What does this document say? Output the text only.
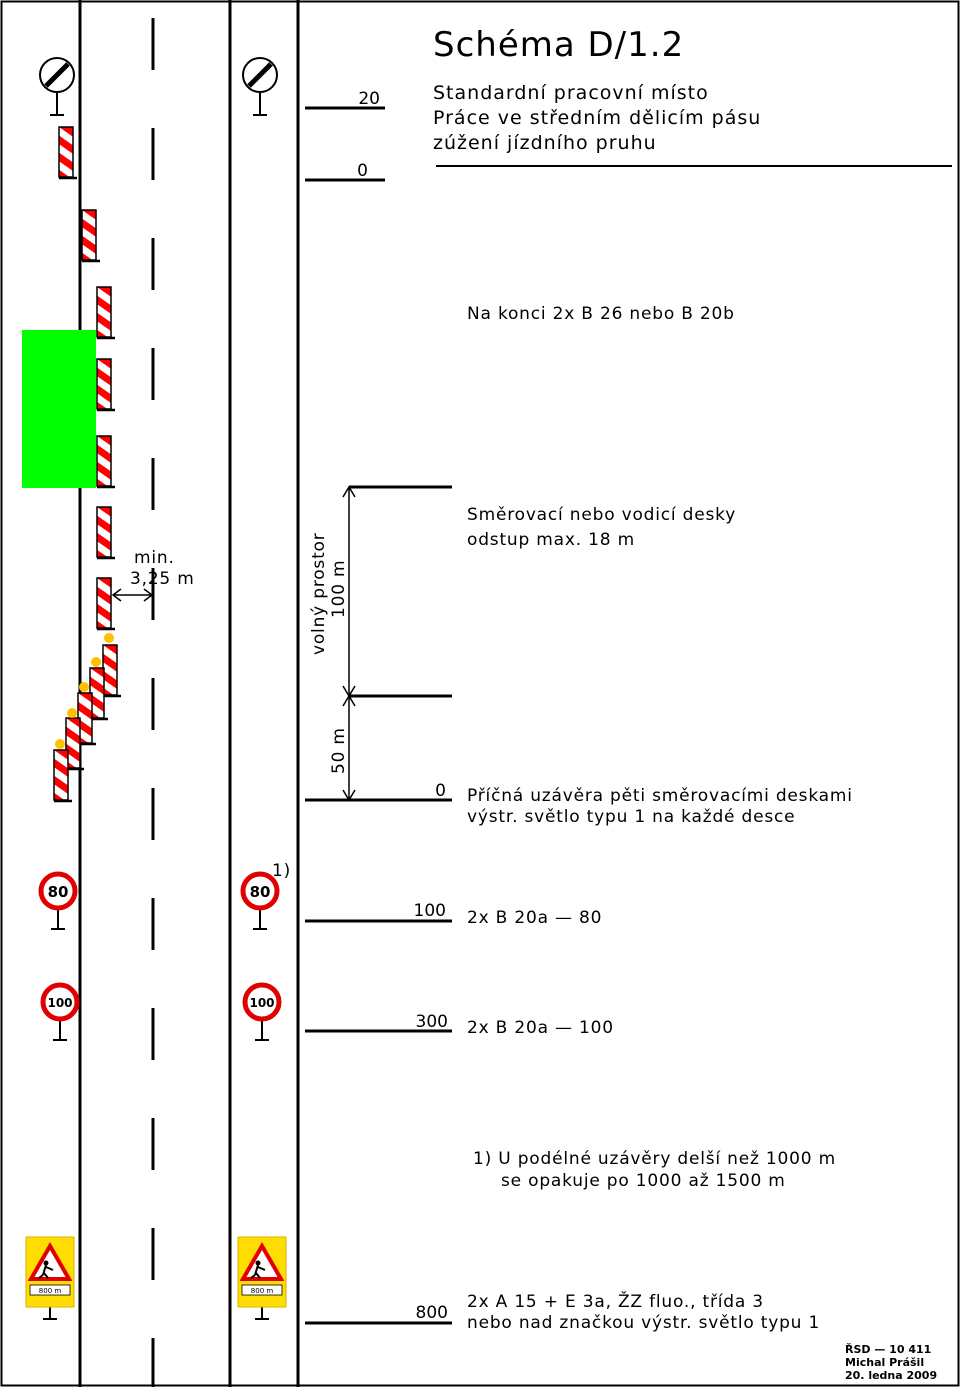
Schéma D/1.2
Standardní pracovní místo
Práce ve středním dělicím pásu
zúžení jízdního pruhu
20
0
min.
3,25 m
0
volný prostor 100 m
50 m
Na konci 2x B 26 nebo B 20b
Směrovací nebo vodicí desky
odstup max. 18 m
Příčná uzávěra pěti směrovacími deskami
výstr. světlo typu 1 na každé desce
80	80
1)
100 2x B 20a — 80
100	100
300 2x B 20a — 100
1) U podélné uzávěry delší než 1000 m
se opakuje po 1000 až 1500 m
800 m	800 m
800
2x A 15 + E 3a, ŽZ fluo., třída 3
nebo nad značkou výstr. světlo typu 1
ŘSD — 10 411
Michal Prášil
20. ledna 2009
